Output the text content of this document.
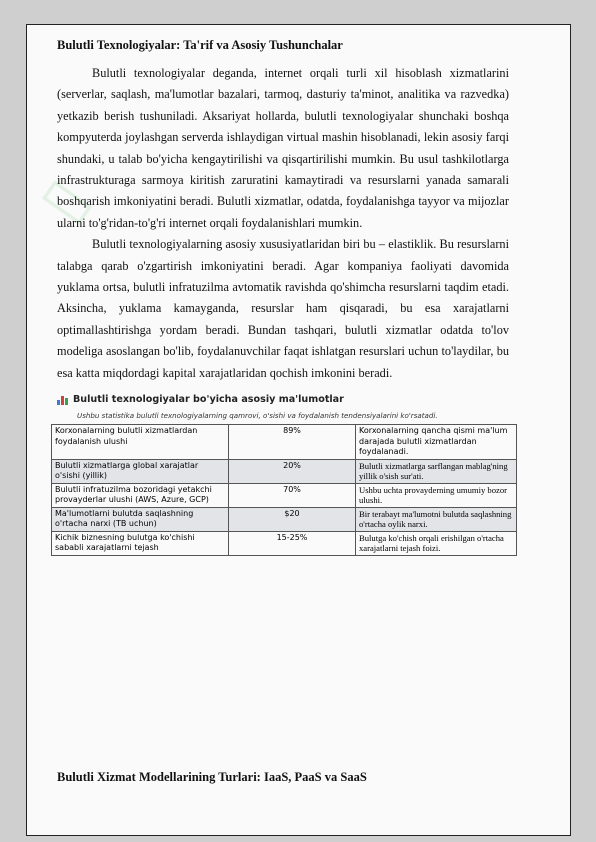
▯
Bulutli Texnologiyalar: Ta'rif va Asosiy Tushunchalar

Bulutli texnologiyalar deganda, internet orqali turli xil hisoblash xizmatlarini (serverlar, saqlash, ma'lumotlar bazalari, tarmoq, dasturiy ta'minot, analitika va razvedka) yetkazib berish tushuniladi. Aksariyat hollarda, bulutli texnologiyalar shunchaki boshqa kompyuterda joylashgan serverda ishlaydigan virtual mashin hisoblanadi, lekin asosiy farqi shundaki, u talab bo'yicha kengaytirilishi va qisqartirilishi mumkin. Bu usul tashkilotlarga infrastrukturaga sarmoya kiritish zaruratini kamaytiradi va resurslarni yanada samarali boshqarish imkoniyatini beradi. Bulutli xizmatlar, odatda, foydalanishga tayyor va mijozlar ularni to'g'ridan-to'g'ri internet orqali foydalanishlari mumkin.

Bulutli texnologiyalarning asosiy xususiyatlaridan biri bu – elastiklik. Bu resurslarni talabga qarab o'zgartirish imkoniyatini beradi. Agar kompaniya faoliyati davomida yuklama ortsa, bulutli infratuzilma avtomatik ravishda qo'shimcha resurslarni taqdim etadi. Aksincha, yuklama kamayganda, resurslar ham qisqaradi, bu esa xarajatlarni optimallashtirishga yordam beradi. Bundan tashqari, bulutli xizmatlar odatda to'lov modeliga asoslangan bo'lib, foydalanuvchilar faqat ishlatgan resurslari uchun to'laydilar, bu esa katta miqdordagi kapital xarajatlaridan qochish imkonini beradi.

Bulutli texnologiyalar bo'yicha asosiy ma'lumotlar
Ushbu statistika bulutli texnologiyalarning qamrovi, o'sishi va foydalanish tendensiyalarini ko'rsatadi.
Korxonalarning bulutli xizmatlardan foydalanish ulushi	89%	Korxonalarning qancha qismi ma'lum darajada bulutli xizmatlardan foydalanadi.
Bulutli xizmatlarga global xarajatlar o'sishi (yillik)	20%	Bulutli xizmatlarga sarflangan mablag'ning yillik o'sish sur'ati.
Bulutli infratuzilma bozoridagi yetakchi provayderlar ulushi (AWS, Azure, GCP)	70%	Ushbu uchta provayderning umumiy bozor ulushi.
Ma'lumotlarni bulutda saqlashning o'rtacha narxi (TB uchun)	$20	Bir terabayt ma'lumotni bulutda saqlashning o'rtacha oylik narxi.
Kichik biznesning bulutga ko'chishi sababli xarajatlarni tejash	15-25%	Bulutga ko'chish orqali erishilgan o'rtacha xarajatlarni tejash foizi.
Bulutli Xizmat Modellarining Turlari: IaaS, PaaS va SaaS
